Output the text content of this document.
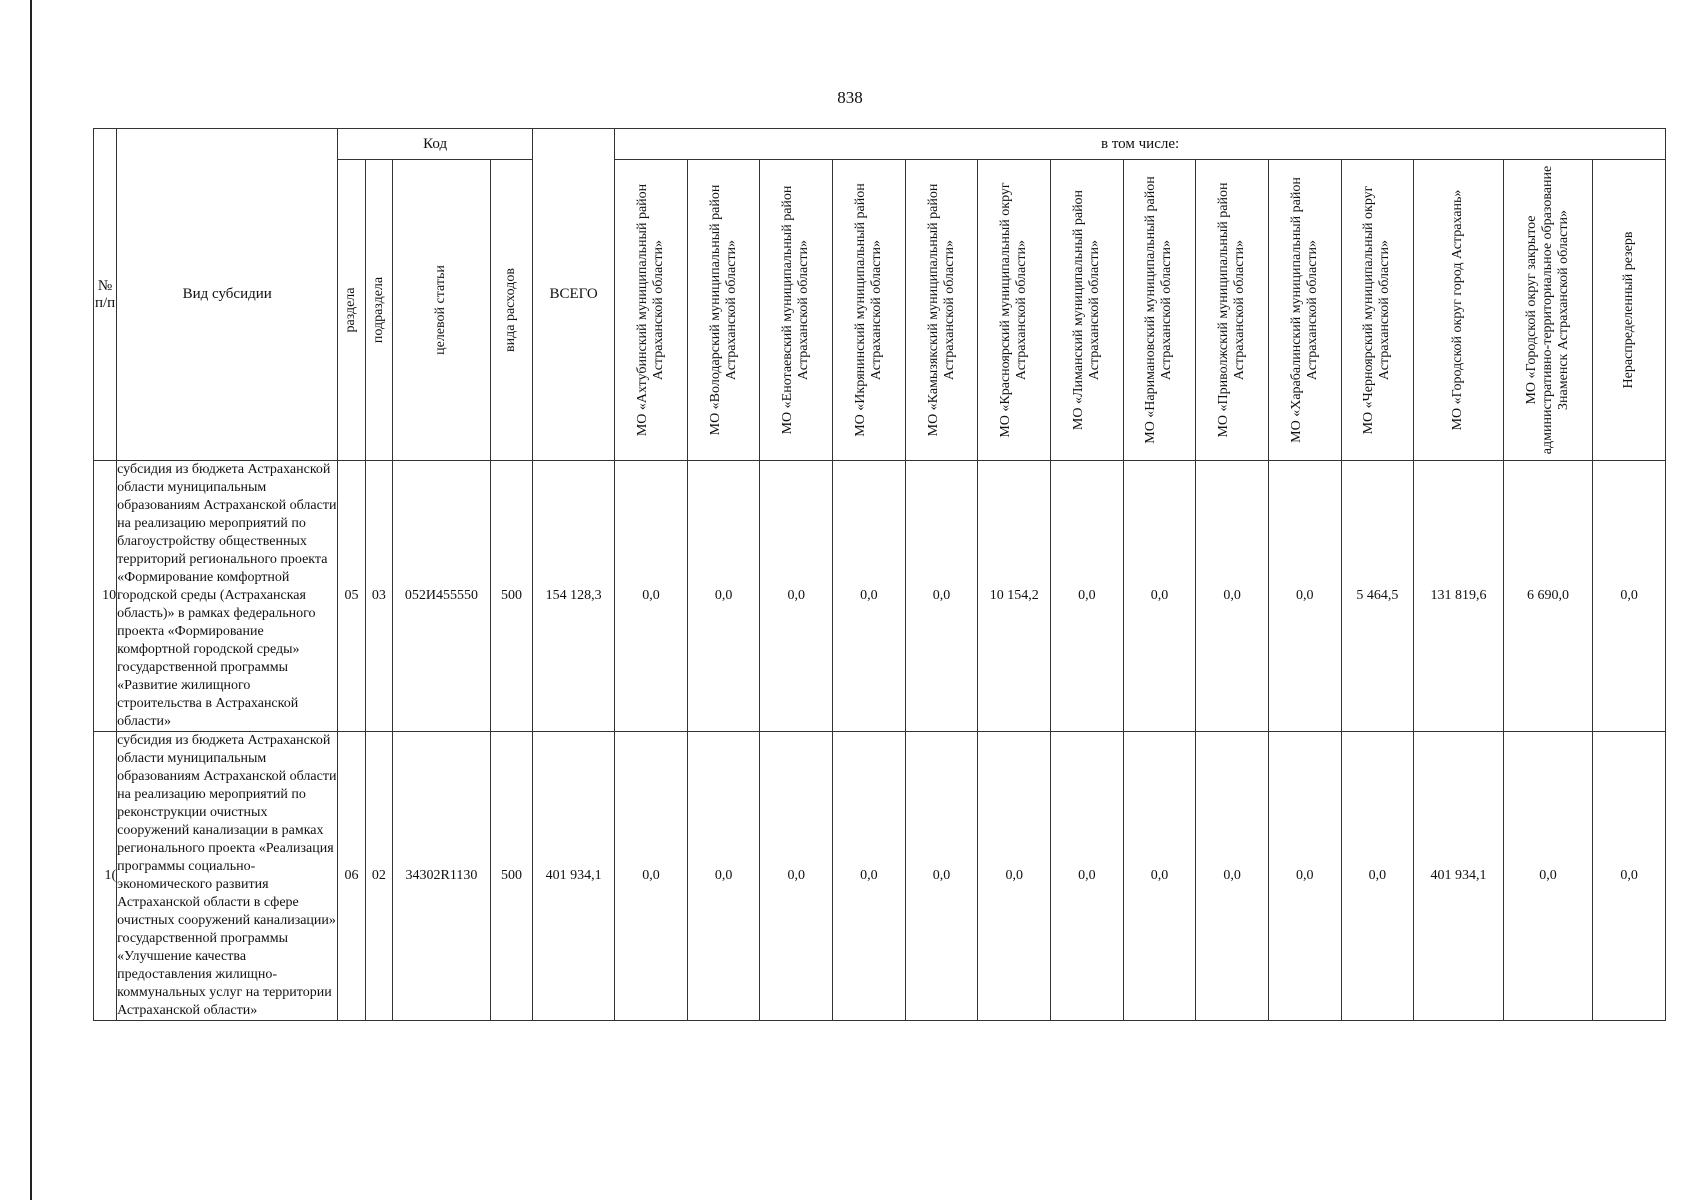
838
№ п/п	Вид субсидии	Код				ВСЕГО	в том числе:													

		раздела	подраздела	целевой статьи	вида расходов		МО «Ахтубинский муниципальный район Астраханской области»	МО «Володарский муниципальный район Астраханской области»	МО «Енотаевский муниципальный район Астраханской области»	МО «Икрянинский муниципальный район Астраханской области»	МО «Камызякский муниципальный район Астраханской области»	МО «Красноярский муниципальный округ Астраханской области»	МО «Лиманский муниципальный район Астраханской области»	МО «Наримановский муниципальный район Астраханской области»	МО «Приволжский муниципальный район Астраханской области»	МО «Харабалинский муниципальный район Астраханской области»	МО «Черноярский муниципальный округ Астраханской области»	МО «Городской округ город Астрахань»	МО «Городской округ закрытое административно-территориальное образование Знаменск Астраханской области»	Нераспределенный резерв

10	субсидия из бюджета Астраханской области муниципальным образованиям Астраханской области на реализацию мероприятий по благоустройству общественных территорий регионального проекта «Формирование комфортной городской среды (Астраханская область)» в рамках федерального проекта «Формирование комфортной городской среды» государственной программы «Развитие жилищного строительства в Астраханской области»	05	03	052И455550	500	154 128,3	0,0	0,0	0,0	0,0	0,0	10 154,2	0,0	0,0	0,0	0,0	5 464,5	131 819,6	6 690,0	0,0
1(	субсидия из бюджета Астраханской области муниципальным образованиям Астраханской области на реализацию мероприятий по реконструкции очистных сооружений канализации в рамках регионального проекта «Реализация программы социально-экономического развития Астраханской области в сфере очистных сооружений канализации» государственной программы «Улучшение качества предоставления жилищно-коммунальных услуг на территории Астраханской области»	06	02	34302R1130	500	401 934,1	0,0	0,0	0,0	0,0	0,0	0,0	0,0	0,0	0,0	0,0	0,0	401 934,1	0,0	0,0
